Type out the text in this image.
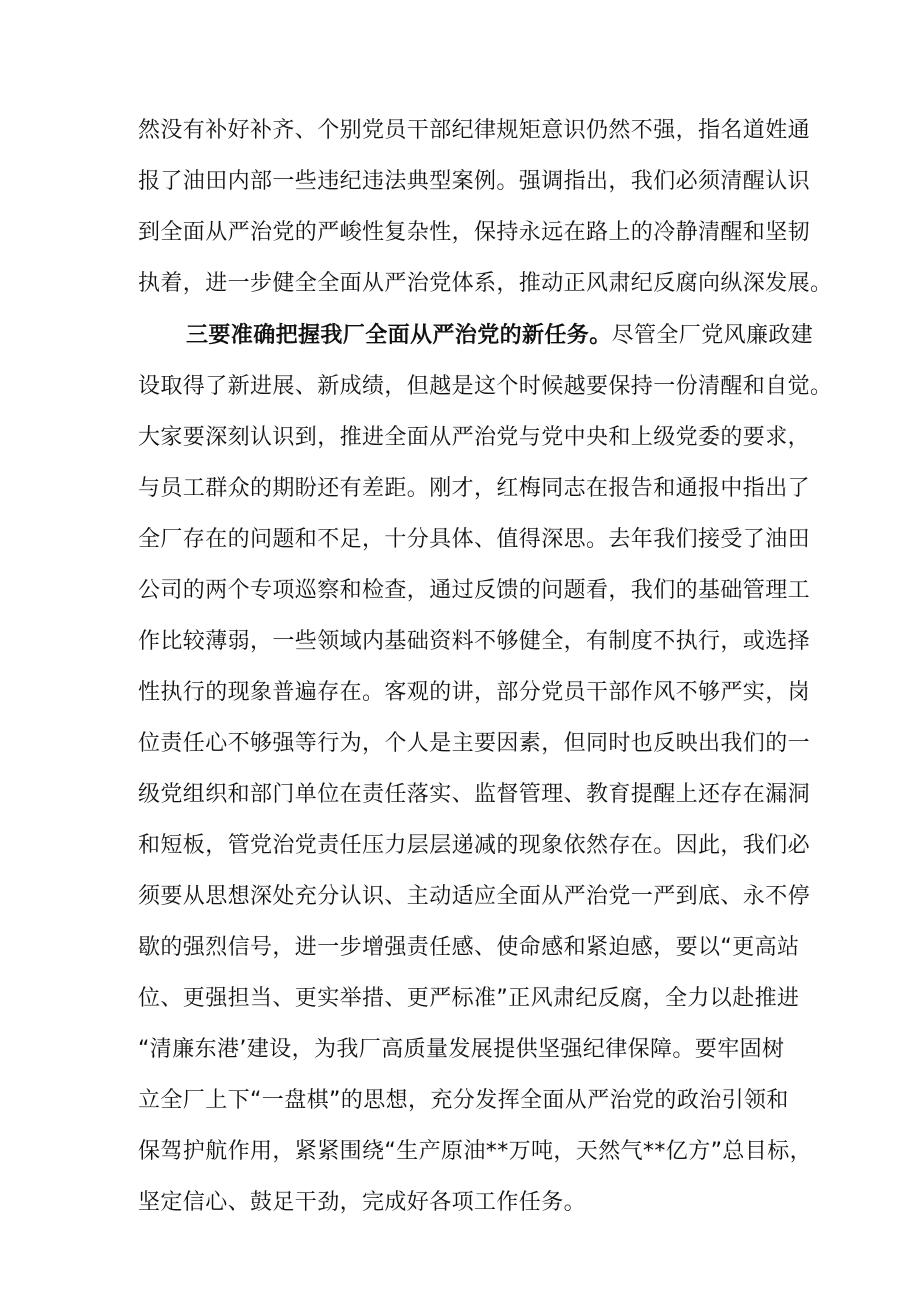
然没有补好补齐、个别党员干部纪律规矩意识仍然不强，指名道姓通
报了油田内部一些违纪违法典型案例。强调指出，我们必须清醒认识
到全面从严治党的严峻性复杂性，保持永远在路上的冷静清醒和坚韧
执着，进一步健全全面从严治党体系，推动正风肃纪反腐向纵深发展。
三要准确把握我厂全面从严治党的新任务。尽管全厂党风廉政建
设取得了新进展、新成绩，但越是这个时候越要保持一份清醒和自觉。
大家要深刻认识到，推进全面从严治党与党中央和上级党委的要求，
与员工群众的期盼还有差距。刚才，红梅同志在报告和通报中指出了
全厂存在的问题和不足，十分具体、值得深思。去年我们接受了油田
公司的两个专项巡察和检查，通过反馈的问题看，我们的基础管理工
作比较薄弱，一些领域内基础资料不够健全，有制度不执行，或选择
性执行的现象普遍存在。客观的讲，部分党员干部作风不够严实，岗
位责任心不够强等行为，个人是主要因素，但同时也反映出我们的一
级党组织和部门单位在责任落实、监督管理、教育提醒上还存在漏洞
和短板，管党治党责任压力层层递减的现象依然存在。因此，我们必
须要从思想深处充分认识、主动适应全面从严治党一严到底、永不停
歇的强烈信号，进一步增强责任感、使命感和紧迫感，要以“更高站
位、更强担当、更实举措、更严标准”正风肃纪反腐，全力以赴推进
“清廉东港’建设，为我厂高质量发展提供坚强纪律保障。要牢固树
立全厂上下“一盘棋”的思想，充分发挥全面从严治党的政治引领和
保驾护航作用，紧紧围绕“生产原油**万吨，天然气**亿方”总目标，
坚定信心、鼓足干劲，完成好各项工作任务。
